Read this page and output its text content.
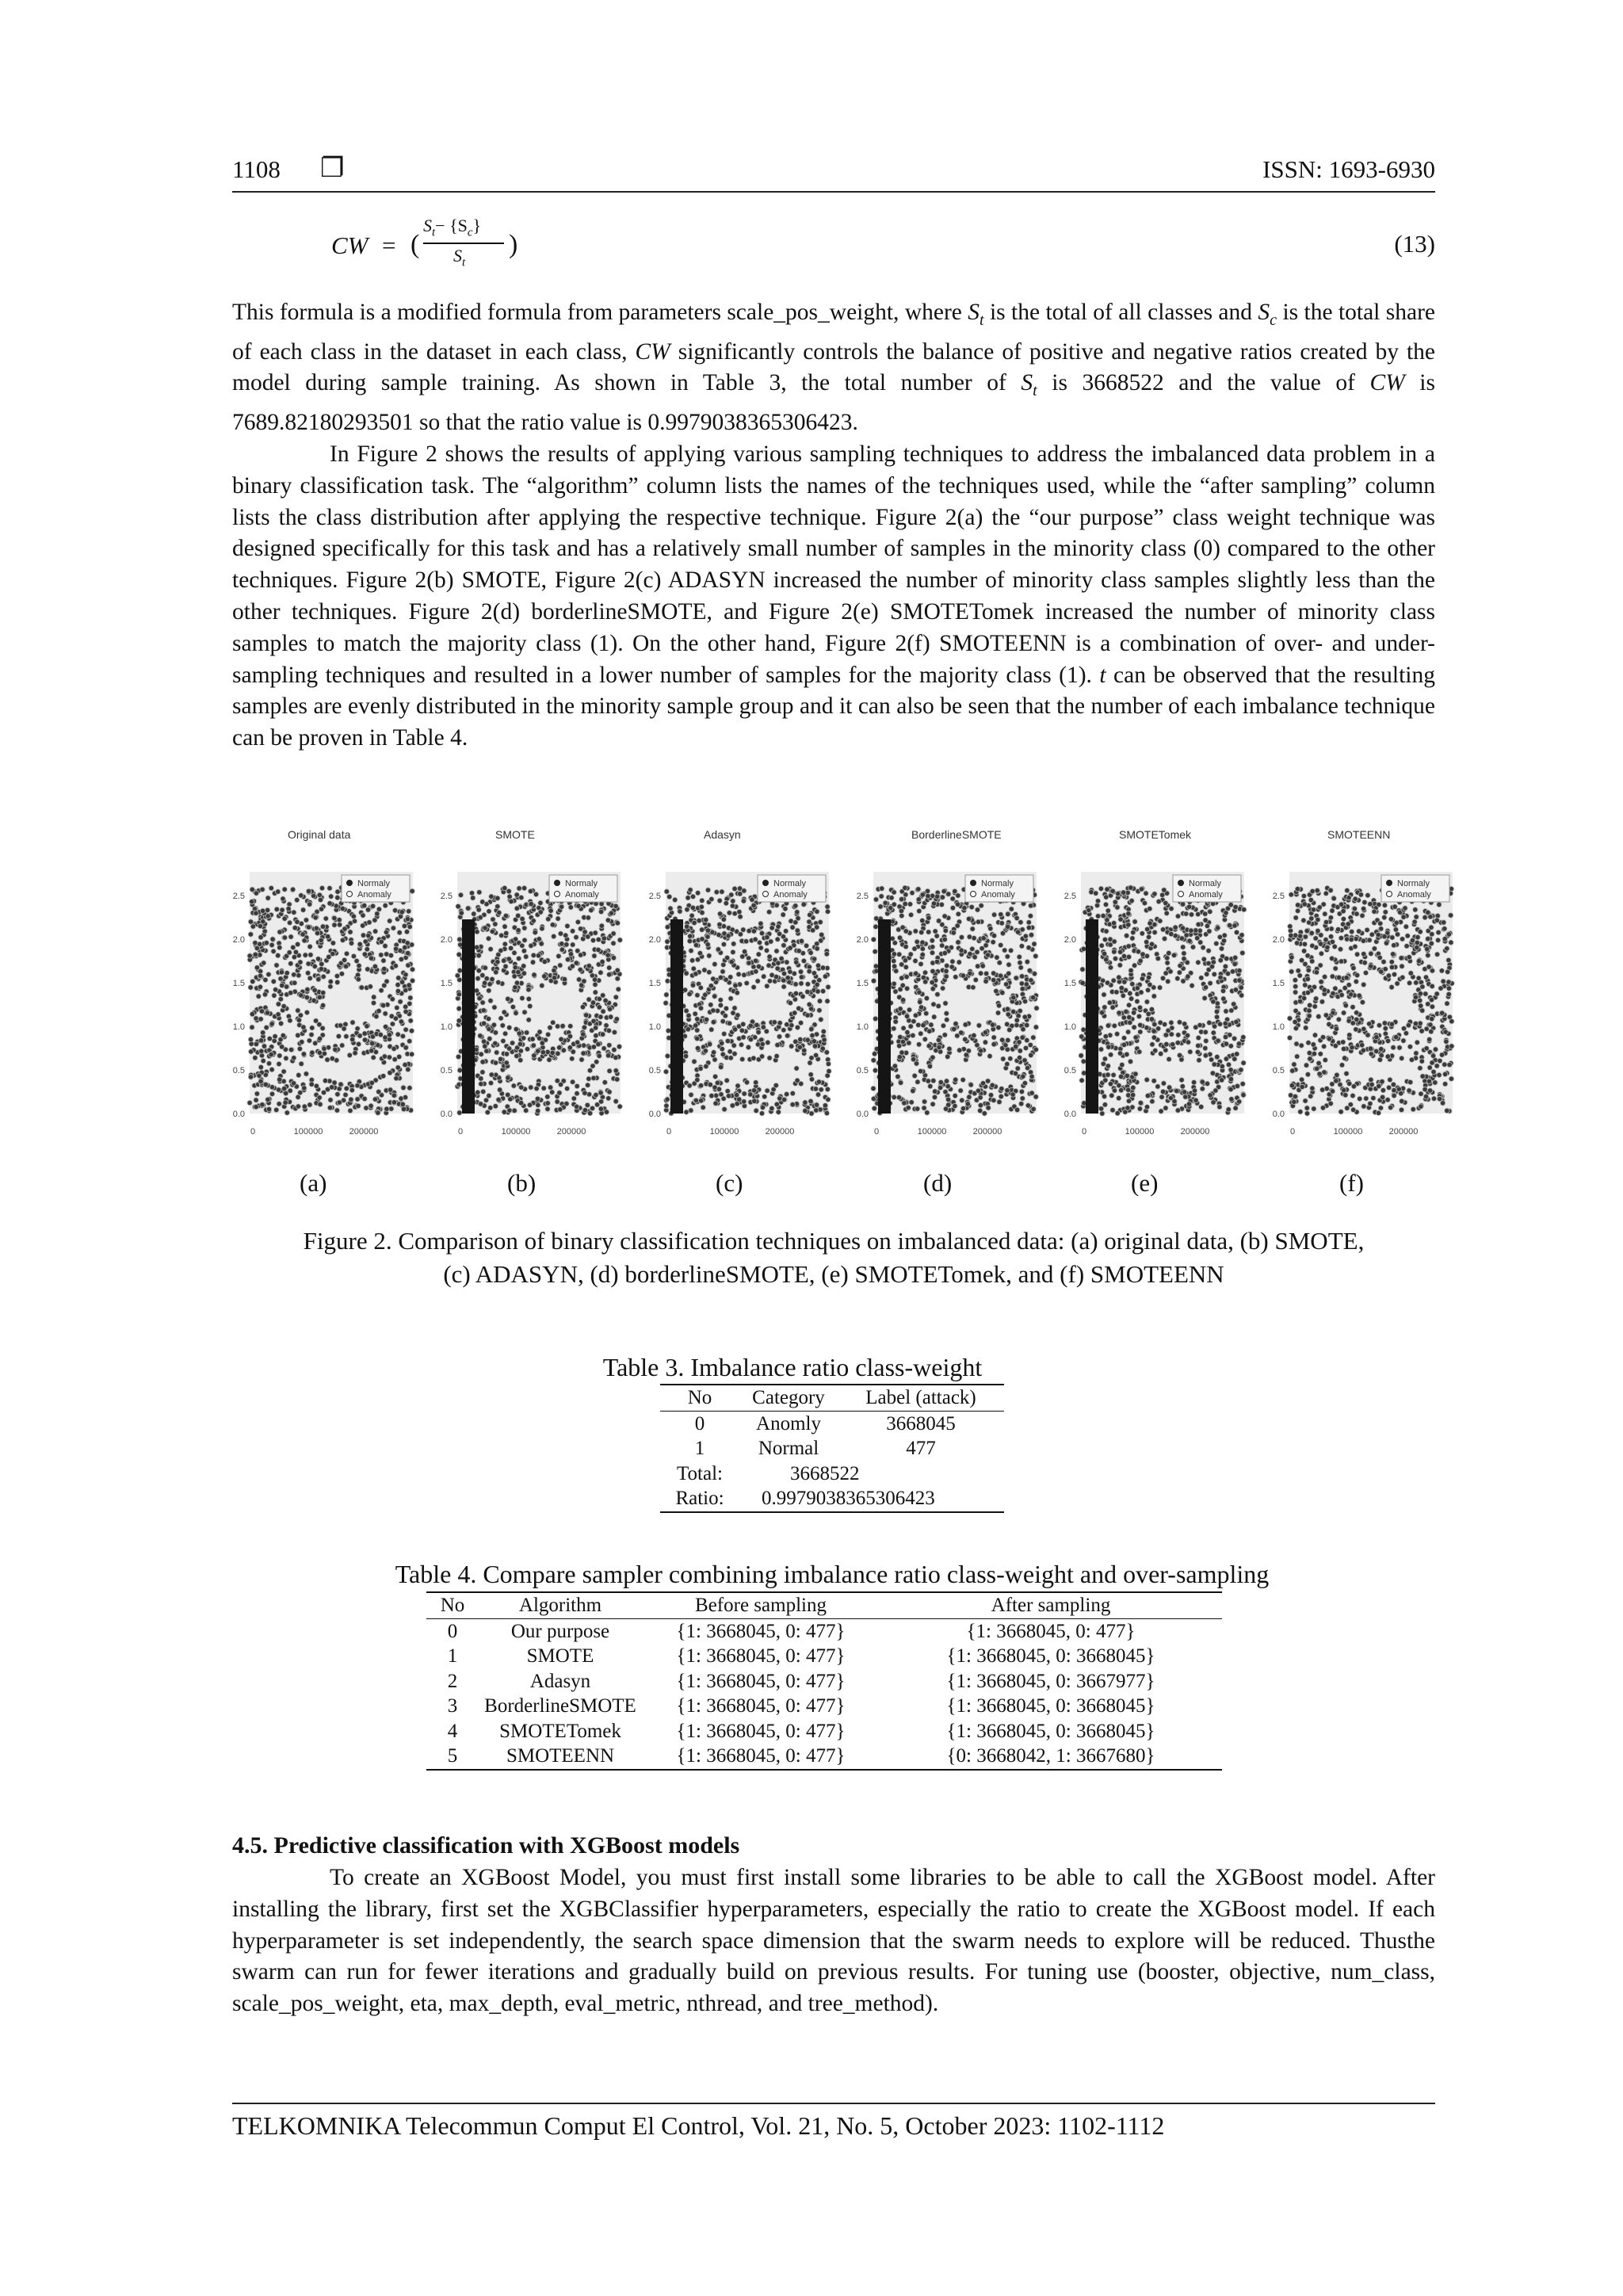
1108 ❐	ISSN: 1693-6930
CW = (
$S_t- \{S_c\}$
$S_t$
)	(13)

This formula is a modified formula from parameters scale_pos_weight, where $S_t$ is the total of all classes and $S_c$ is the total share of each class in the dataset in each class, CW significantly controls the balance of positive and negative ratios created by the model during sample training. As shown in Table 3, the total number of $S_t$ is 3668522 and the value of CW is 7689.82180293501 so that the ratio value is 0.9979038365306423.

In Figure 2 shows the results of applying various sampling techniques to address the imbalanced data problem in a binary classification task. The “algorithm” column lists the names of the techniques used, while the “after sampling” column lists the class distribution after applying the respective technique. Figure 2(a) the “our purpose” class weight technique was designed specifically for this task and has a relatively small number of samples in the minority class (0) compared to the other techniques. Figure 2(b) SMOTE, Figure 2(c) ADASYN increased the number of minority class samples slightly less than the other techniques. Figure 2(d) borderlineSMOTE, and Figure 2(e) SMOTETomek increased the number of minority class samples to match the majority class (1). On the other hand, Figure 2(f) SMOTEENN is a combination of over- and under-sampling techniques and resulted in a lower number of samples for the majority class (1). t can be observed that the resulting samples are evenly distributed in the minority sample group and it can also be seen that the number of each imbalance technique can be proven in Table 4.

Original data
Normaly
Anomaly
2.5
2.0
1.5
1.0
0.5
0.0
0	100000	200000
SMOTE
Normaly
Anomaly
2.5
2.0
1.5
1.0
0.5
0.0
0	100000	200000
Adasyn
Normaly
Anomaly
2.5
2.0
1.5
1.0
0.5
0.0
0	100000	200000
BorderlineSMOTE
Normaly
Anomaly
2.5
2.0
1.5
1.0
0.5
0.0
0	100000	200000
SMOTETomek
Normaly
Anomaly
2.5
2.0
1.5
1.0
0.5
0.0
0	100000	200000
SMOTEENN
Normaly
Anomaly
2.5
2.0
1.5
1.0
0.5
0.0
0	100000	200000
Figure 2. Comparison of binary classification techniques on imbalanced data: (a) original data, (b) SMOTE,
(c) ADASYN, (d) borderlineSMOTE, (e) SMOTETomek, and (f) SMOTEENN
Table 3. Imbalance ratio class-weight
No	Category	Label (attack)
0	Anomly	3668045
1	Normal	477
Total:	3668522	
Ratio:	0.9979038365306423	
Table 4. Compare sampler combining imbalance ratio class-weight and over-sampling
No	Algorithm	Before sampling	After sampling
0	Our purpose	{1: 3668045, 0: 477}	{1: 3668045, 0: 477}
1	SMOTE	{1: 3668045, 0: 477}	{1: 3668045, 0: 3668045}
2	Adasyn	{1: 3668045, 0: 477}	{1: 3668045, 0: 3667977}
3	BorderlineSMOTE	{1: 3668045, 0: 477}	{1: 3668045, 0: 3668045}
4	SMOTETomek	{1: 3668045, 0: 477}	{1: 3668045, 0: 3668045}
5	SMOTEENN	{1: 3668045, 0: 477}	{0: 3668042, 1: 3667680}
4.5. Predictive classification with XGBoost models

To create an XGBoost Model, you must first install some libraries to be able to call the XGBoost model. After installing the library, first set the XGBClassifier hyperparameters, especially the ratio to create the XGBoost model. If each hyperparameter is set independently, the search space dimension that the swarm needs to explore will be reduced. Thusthe swarm can run for fewer iterations and gradually build on previous results. For tuning use (booster, objective, num_class, scale_pos_weight, eta, max_depth, eval_metric, nthread, and tree_method).

TELKOMNIKA Telecommun Comput El Control, Vol. 21, No. 5, October 2023: 1102-1112
(a)	(b)	(c)	(d)	(e)	(f)
